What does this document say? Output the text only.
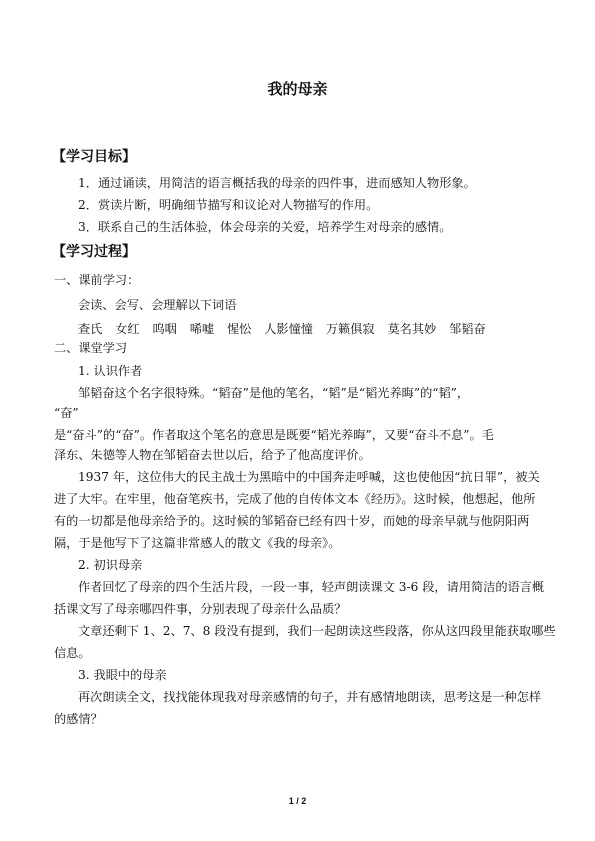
我的母亲
【学习目标】
1．通过诵读，用简洁的语言概括我的母亲的四件事，进而感知人物形象。
2．赏读片断，明确细节描写和议论对人物描写的作用。
3．联系自己的生活体验，体会母亲的关爱，培养学生对母亲的感情。
【学习过程】
一、课前学习：
会读、会写、会理解以下词语
查氏 女红 呜咽 唏嘘 惺忪 人影憧憧 万籁俱寂 莫名其妙 邹韬奋
二、课堂学习
1. 认识作者
邹韬奋这个名字很特殊。“韬奋”是他的笔名，“韬”是“韬光养晦”的“韬”，
“奋”
是“奋斗”的“奋”。作者取这个笔名的意思是既要“韬光养晦”，又要“奋斗不息”。毛
泽东、朱德等人物在邹韬奋去世以后，给予了他高度评价。
1937 年，这位伟大的民主战士为黑暗中的中国奔走呼喊，这也使他因“抗日罪”，被关
进了大牢。在牢里，他奋笔疾书，完成了他的自传体文本《经历》。这时候，他想起，他所
有的一切都是他母亲给予的。这时候的邹韬奋已经有四十岁，而她的母亲早就与他阴阳两
隔，于是他写下了这篇非常感人的散文《我的母亲》。
2. 初识母亲
作者回忆了母亲的四个生活片段，一段一事，轻声朗读课文 3-6 段，请用简洁的语言概
括课文写了母亲哪四件事，分别表现了母亲什么品质？
文章还剩下 1、2、7、8 段没有提到，我们一起朗读这些段落，你从这四段里能获取哪些
信息。
3. 我眼中的母亲
再次朗读全文，找找能体现我对母亲感情的句子，并有感情地朗读，思考这是一种怎样
的感情？
1 / 2
